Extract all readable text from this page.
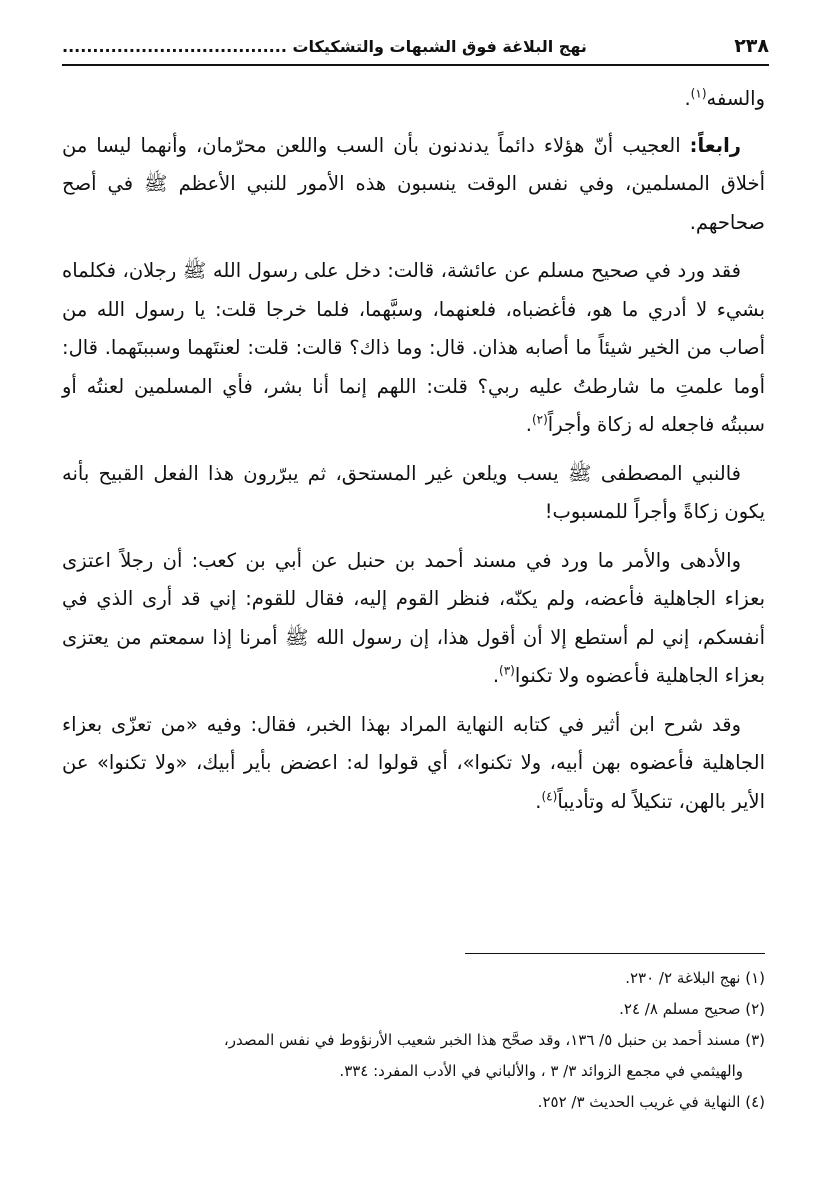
٢٣٨
نهج البلاغة فوق الشبهات والتشكيكات .....................................

والسفه$^{(١)}$.

رابعاً: العجيب أنّ هؤلاء دائماً يدندنون بأن السب واللعن محرّمان، وأنهما ليسا من أخلاق المسلمين، وفي نفس الوقت ينسبون هذه الأمور للنبي الأعظم ﷺ في أصح صحاحهم.

فقد ورد في صحيح مسلم عن عائشة، قالت: دخل على رسول الله ﷺ رجلان، فكلماه بشيء لا أدري ما هو، فأغضباه، فلعنهما، وسبَّهما، فلما خرجا قلت: يا رسول الله من أصاب من الخير شيئاً ما أصابه هذان. قال: وما ذاك؟ قالت: قلت: لعنتَهما وسببتَهما. قال: أوما علمتِ ما شارطتُ عليه ربي؟ قلت: اللهم إنما أنا بشر، فأي المسلمين لعنتُه أو سببتُه فاجعله له زكاة وأجراً$^{(٢)}$.

فالنبي المصطفى ﷺ يسب ويلعن غير المستحق، ثم يبرّرون هذا الفعل القبيح بأنه يكون زكاةً وأجراً للمسبوب!

والأدهى والأمر ما ورد في مسند أحمد بن حنبل عن أبي بن كعب: أن رجلاً اعتزى بعزاء الجاهلية فأعضه، ولم يكنّه، فنظر القوم إليه، فقال للقوم: إني قد أرى الذي في أنفسكم، إني لم أستطع إلا أن أقول هذا، إن رسول الله ﷺ أمرنا إذا سمعتم من يعتزى بعزاء الجاهلية فأعضوه ولا تكنوا$^{(٣)}$.

وقد شرح ابن أثير في كتابه النهاية المراد بهذا الخبر، فقال: وفيه «من تعزّى بعزاء الجاهلية فأعضوه بهن أبيه، ولا تكنوا»، أي قولوا له: اعضض بأير أبيك، «ولا تكنوا» عن الأير بالهن، تنكيلاً له وتأديباً$^{(٤)}$.

(١) نهج البلاغة ٢/ ٢٣٠.

(٢) صحيح مسلم ٨/ ٢٤.

(٣) مسند أحمد بن حنبل ٥/ ١٣٦، وقد صحَّح هذا الخبر شعيب الأرنؤوط في نفس المصدر،

والهيثمي في مجمع الزوائد ٣/ ٣ ، والألباني في الأدب المفرد: ٣٣٤.

(٤) النهاية في غريب الحديث ٣/ ٢٥٢.
